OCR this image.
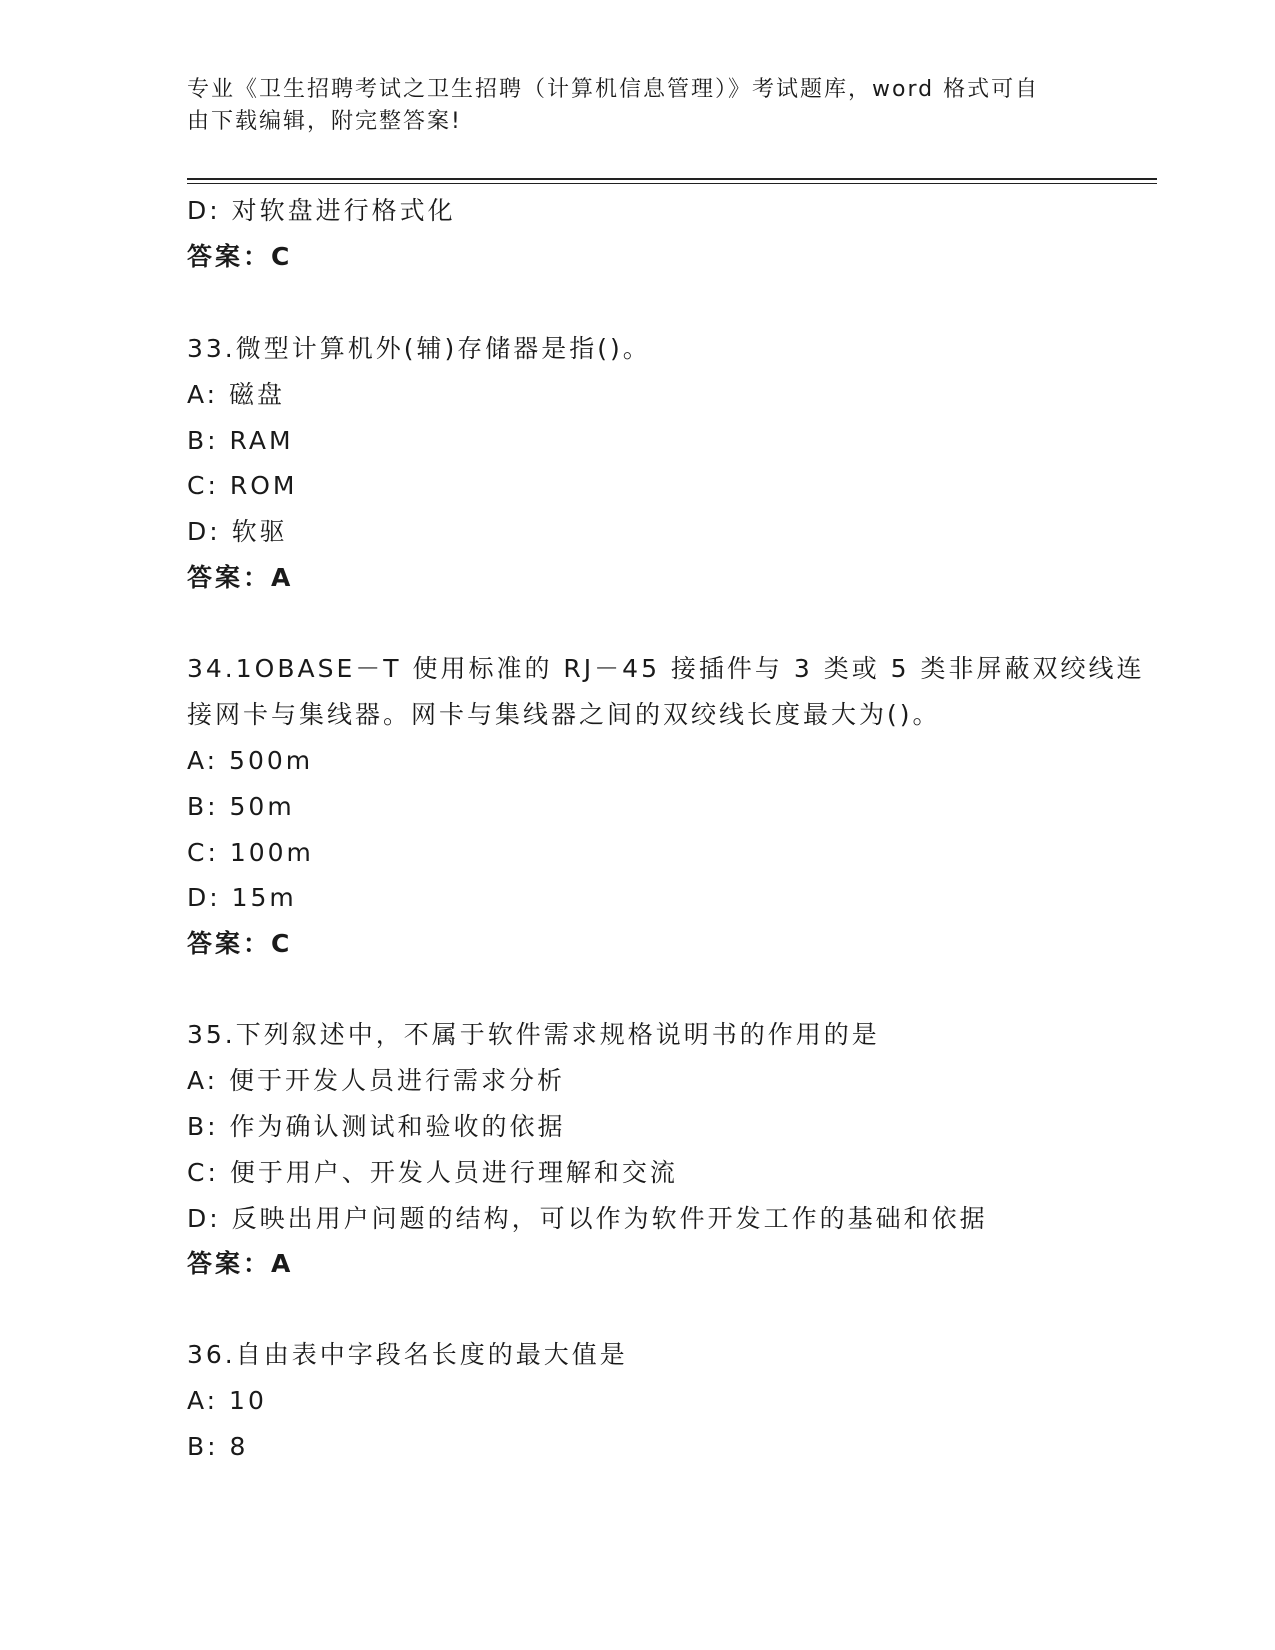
专业《卫生招聘考试之卫生招聘（计算机信息管理）》考试题库，word 格式可自
由下载编辑，附完整答案!
D: 对软盘进行格式化
答案：C
33.微型计算机外(辅)存储器是指()。
A: 磁盘
B: RAM
C: ROM
D: 软驱
答案：A
34.1OBASE－T 使用标准的 RJ－45 接插件与 3 类或 5 类非屏蔽双绞线连
接网卡与集线器。网卡与集线器之间的双绞线长度最大为()。
A: 500m
B: 50m
C: 100m
D: 15m
答案：C
35.下列叙述中，不属于软件需求规格说明书的作用的是
A: 便于开发人员进行需求分析
B: 作为确认测试和验收的依据
C: 便于用户、开发人员进行理解和交流
D: 反映出用户问题的结构，可以作为软件开发工作的基础和依据
答案：A
36.自由表中字段名长度的最大值是
A: 10
B: 8
